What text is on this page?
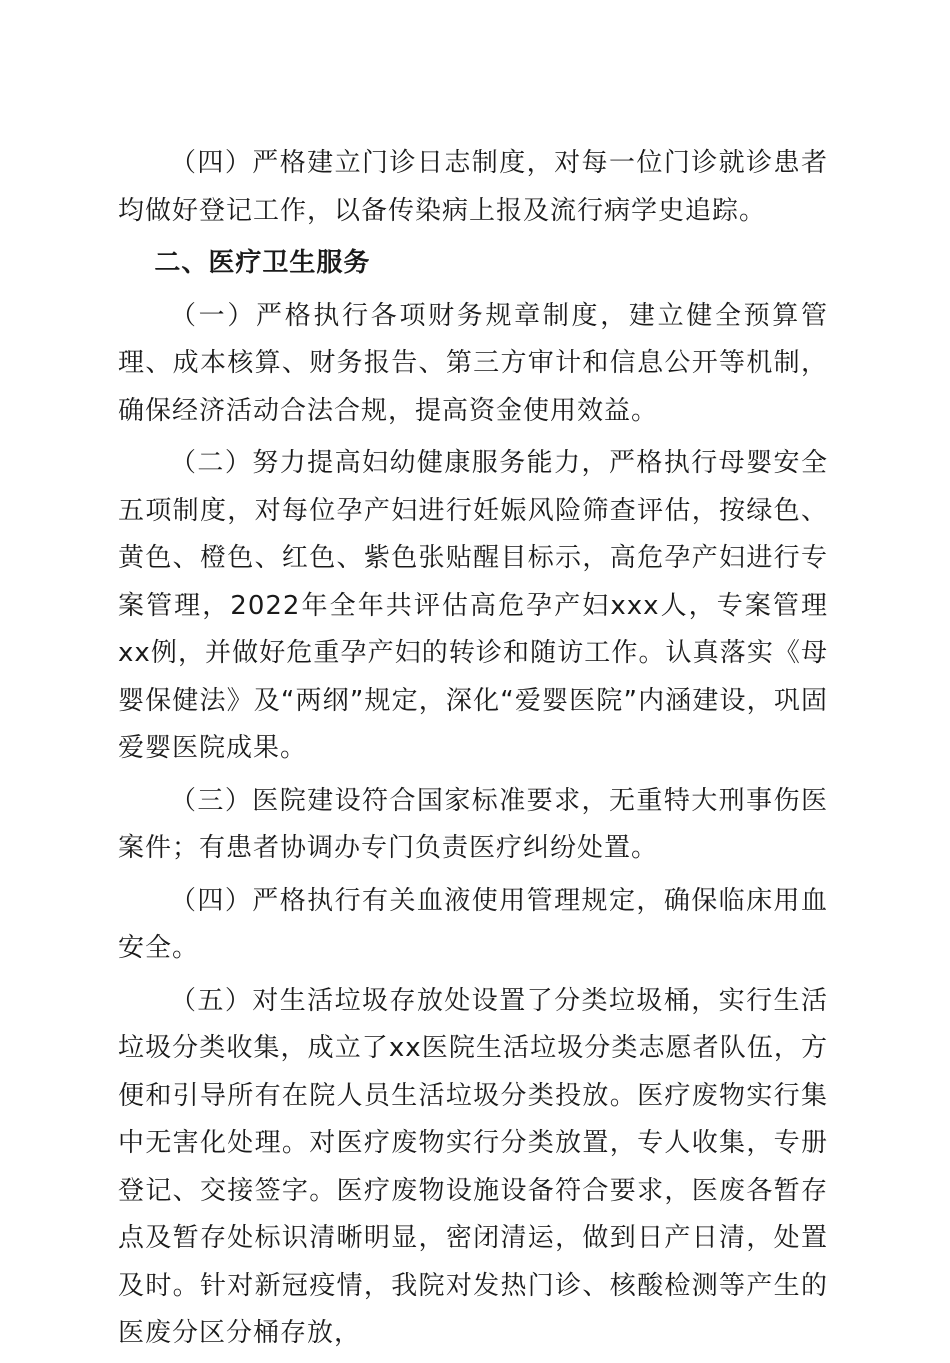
（四）严格建立门诊日志制度，对每一位门诊就诊患者均做好登记工作，以备传染病上报及流行病学史追踪。

二、医疗卫生服务

（一）严格执行各项财务规章制度，建立健全预算管理、成本核算、财务报告、第三方审计和信息公开等机制，确保经济活动合法合规，提高资金使用效益。

（二）努力提高妇幼健康服务能力，严格执行母婴安全五项制度，对每位孕产妇进行妊娠风险筛查评估，按绿色、黄色、橙色、红色、紫色张贴醒目标示，高危孕产妇进行专案管理，2022年全年共评估高危孕产妇xxx人，专案管理xx例，并做好危重孕产妇的转诊和随访工作。认真落实《母婴保健法》及“两纲”规定，深化“爱婴医院”内涵建设，巩固爱婴医院成果。

（三）医院建设符合国家标准要求，无重特大刑事伤医案件；有患者协调办专门负责医疗纠纷处置。

（四）严格执行有关血液使用管理规定，确保临床用血安全。

（五）对生活垃圾存放处设置了分类垃圾桶，实行生活垃圾分类收集，成立了xx医院生活垃圾分类志愿者队伍，方便和引导所有在院人员生活垃圾分类投放。医疗废物实行集中无害化处理。对医疗废物实行分类放置，专人收集，专册登记、交接签字。医疗废物设施设备符合要求，医废各暂存点及暂存处标识清晰明显，密闭清运，做到日产日清，处置及时。针对新冠疫情，我院对发热门诊、核酸检测等产生的医废分区分桶存放，
